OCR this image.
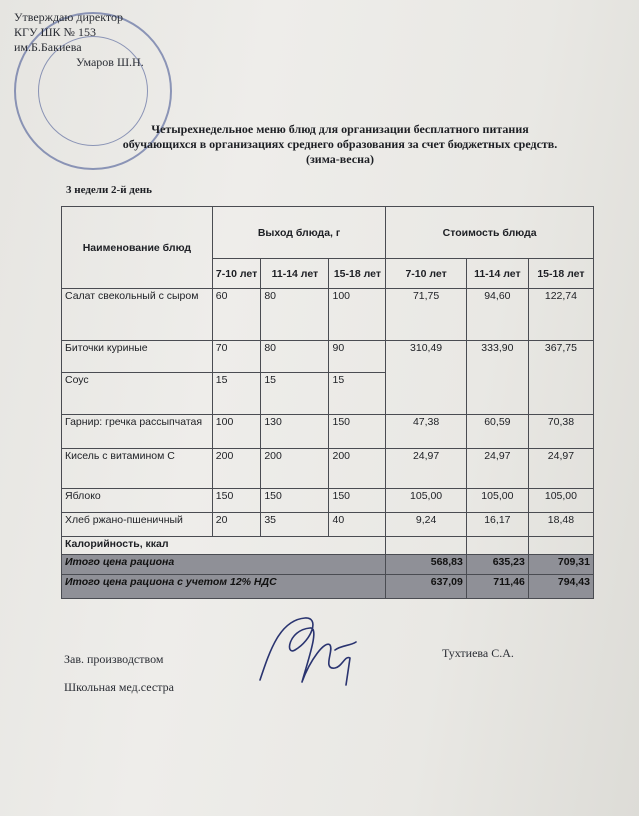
Утверждаю директор
КГУ ШК № 153
им.Б.Бакиева
Умаров Ш.Н.
Четырехнедельное меню блюд для организации бесплатного питания
обучающихся в организациях среднего образования за счет бюджетных средств.
(зима-весна)
3 недели 2-й день
Наименование блюд	Выход блюда, г			Стоимость блюда		
	7-10 лет	11-14 лет	15-18 лет	7-10 лет	11-14 лет	15-18 лет
Салат свекольный с сыром	60	80	100	71,75	94,60	122,74
Биточки куриные	70	80	90	310,49	333,90	367,75
Соус	15	15	15			
Гарнир: гречка рассыпчатая	100	130	150	47,38	60,59	70,38
Кисель с витамином С	200	200	200	24,97	24,97	24,97
Яблоко	150	150	150	105,00	105,00	105,00
Хлеб ржано-пшеничный	20	35	40	9,24	16,17	18,48
Калорийность, ккал						
Итого цена рациона				568,83	635,23	709,31
Итого цена рациона с учетом 12% НДС				637,09	711,46	794,43
Зав. производством	Тухтиева С.А.
Школьная мед.сестра
